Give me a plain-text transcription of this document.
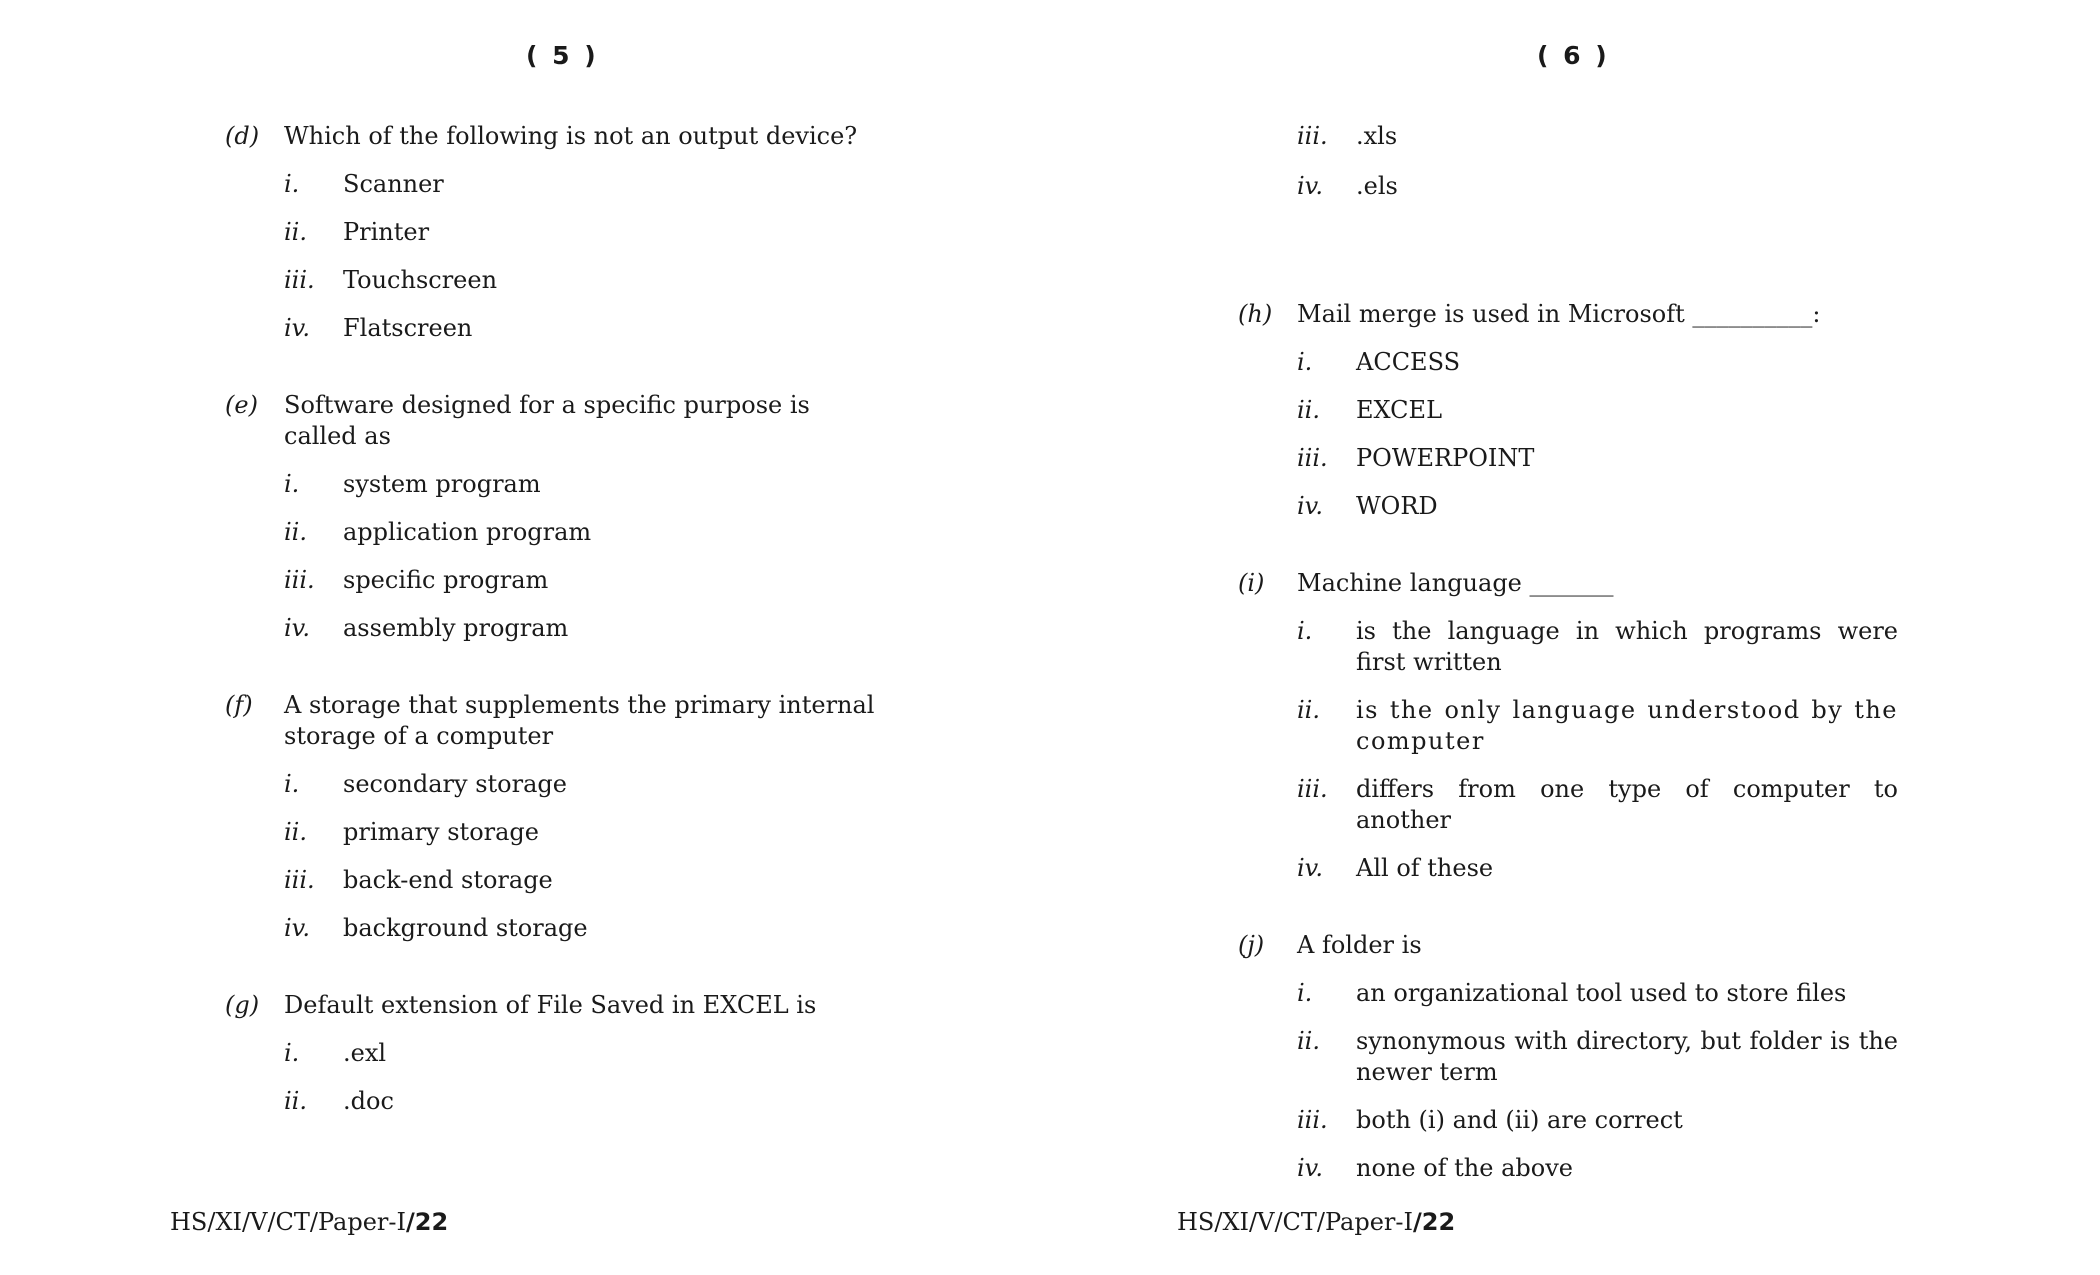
( 5 )
(d) Which of the following is not an output device?
i. Scanner
ii. Printer
iii. Touchscreen
iv. Flatscreen
(e) Software designed for a specific purpose is called as
i. system program
ii. application program
iii. specific program
iv. assembly program
(f) A storage that supplements the primary internal storage of a computer
i. secondary storage
ii. primary storage
iii. back-end storage
iv. background storage
(g) Default extension of File Saved in EXCEL is
i. .exl
ii. .doc
HS/XI/V/CT/Paper-I/22
( 6 )
iii. .xls
iv. .els
(h) Mail merge is used in Microsoft __________:
i. ACCESS
ii. EXCEL
iii. POWERPOINT
iv. WORD
(i) Machine language _______
i. is the language in which programs were first written
ii. is the only language understood by the computer
iii. differs from one type of computer to another
iv. All of these
(j) A folder is
i. an organizational tool used to store files
ii. synonymous with directory, but folder is the newer term
iii. both (i) and (ii) are correct
iv. none of the above
HS/XI/V/CT/Paper-I/22
